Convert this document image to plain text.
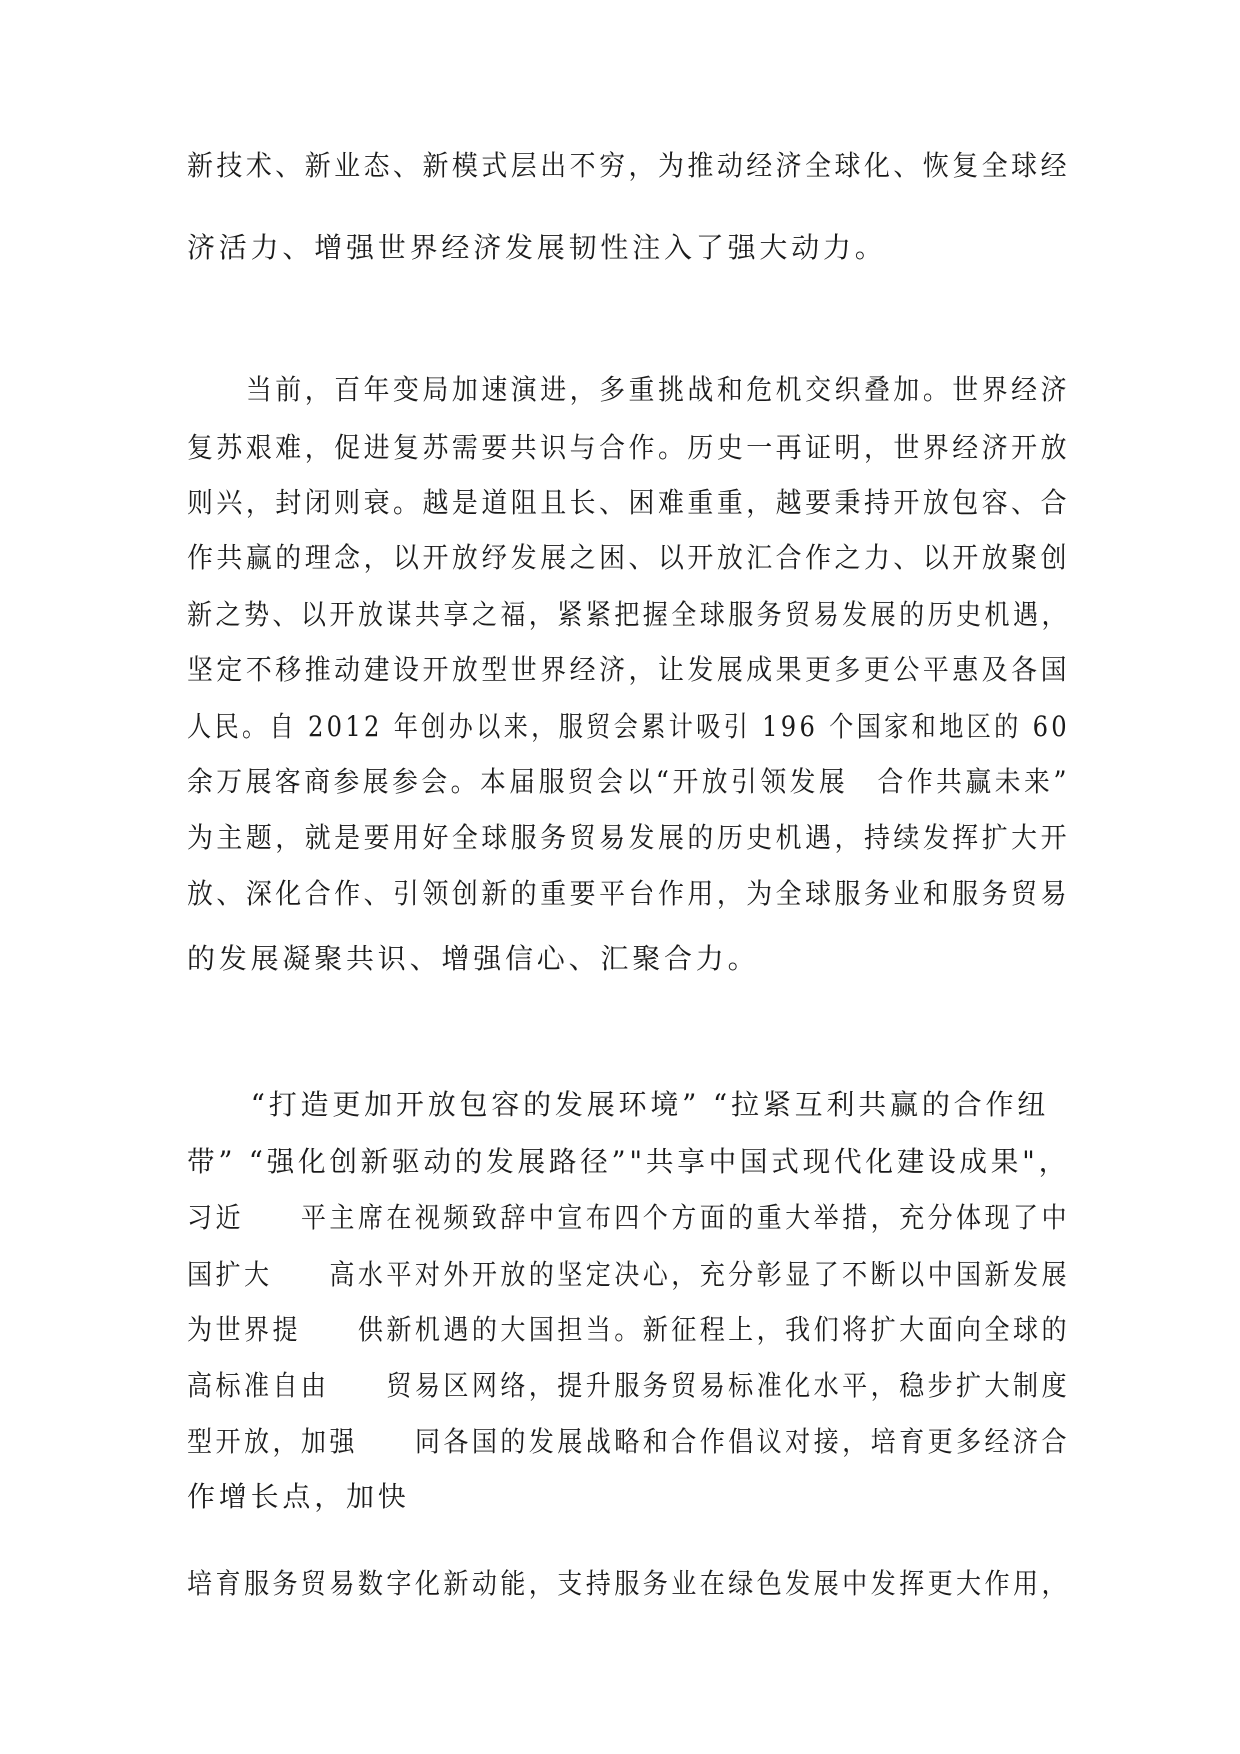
新技术、新业态、新模式层出不穷，为推动经济全球化、恢复全球经
济活力、增强世界经济发展韧性注入了强大动力。
　　当前，百年变局加速演进，多重挑战和危机交织叠加。世界经济
复苏艰难，促进复苏需要共识与合作。历史一再证明，世界经济开放
则兴，封闭则衰。越是道阻且长、困难重重，越要秉持开放包容、合
作共赢的理念，以开放纾发展之困、以开放汇合作之力、以开放聚创
新之势、以开放谋共享之福，紧紧把握全球服务贸易发展的历史机遇，
坚定不移推动建设开放型世界经济，让发展成果更多更公平惠及各国
人民。自 2012 年创办以来，服贸会累计吸引 196 个国家和地区的 60
余万展客商参展参会。本届服贸会以“开放引领发展　合作共赢未来”
为主题，就是要用好全球服务贸易发展的历史机遇，持续发挥扩大开
放、深化合作、引领创新的重要平台作用，为全球服务业和服务贸易
的发展凝聚共识、增强信心、汇聚合力。
　　“打造更加开放包容的发展环境” “拉紧互利共赢的合作纽
带” “强化创新驱动的发展路径”"共享中国式现代化建设成果"，
习近　　平主席在视频致辞中宣布四个方面的重大举措，充分体现了中
国扩大　　高水平对外开放的坚定决心，充分彰显了不断以中国新发展
为世界提　　供新机遇的大国担当。新征程上，我们将扩大面向全球的
高标准自由　　贸易区网络，提升服务贸易标准化水平，稳步扩大制度
型开放，加强　　同各国的发展战略和合作倡议对接，培育更多经济合
作增长点，加快
培育服务贸易数字化新动能，支持服务业在绿色发展中发挥更大作用，
